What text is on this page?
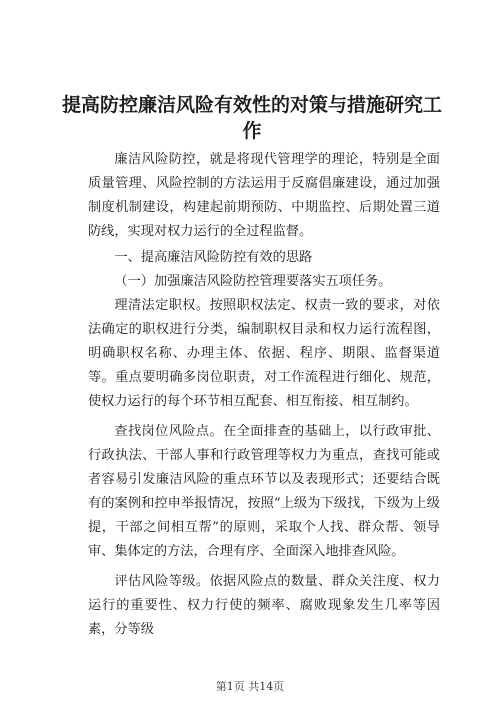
提高防控廉洁风险有效性的对策与措施研究工作

廉洁风险防控，就是将现代管理学的理论，特别是全面质量管理、风险控制的方法运用于反腐倡廉建设，通过加强制度机制建设，构建起前期预防、中期监控、后期处置三道防线，实现对权力运行的全过程监督。

一、提高廉洁风险防控有效的思路

（一）加强廉洁风险防控管理要落实五项任务。

理清法定职权。按照职权法定、权责一致的要求，对依法确定的职权进行分类，编制职权目录和权力运行流程图，明确职权名称、办理主体、依据、程序、期限、监督渠道等。重点要明确多岗位职责，对工作流程进行细化、规范，使权力运行的每个环节相互配套、相互衔接、相互制约。

查找岗位风险点。在全面排查的基础上，以行政审批、行政执法、干部人事和行政管理等权力为重点，查找可能或者容易引发廉洁风险的重点环节以及表现形式；还要结合既有的案例和控申举报情况，按照“上级为下级找，下级为上级提，干部之间相互帮”的原则，采取个人找、群众帮、领导审、集体定的方法，合理有序、全面深入地排查风险。

评估风险等级。依据风险点的数量、群众关注度、权力运行的重要性、权力行使的频率、腐败现象发生几率等因素，分等级

第1页 共14页
